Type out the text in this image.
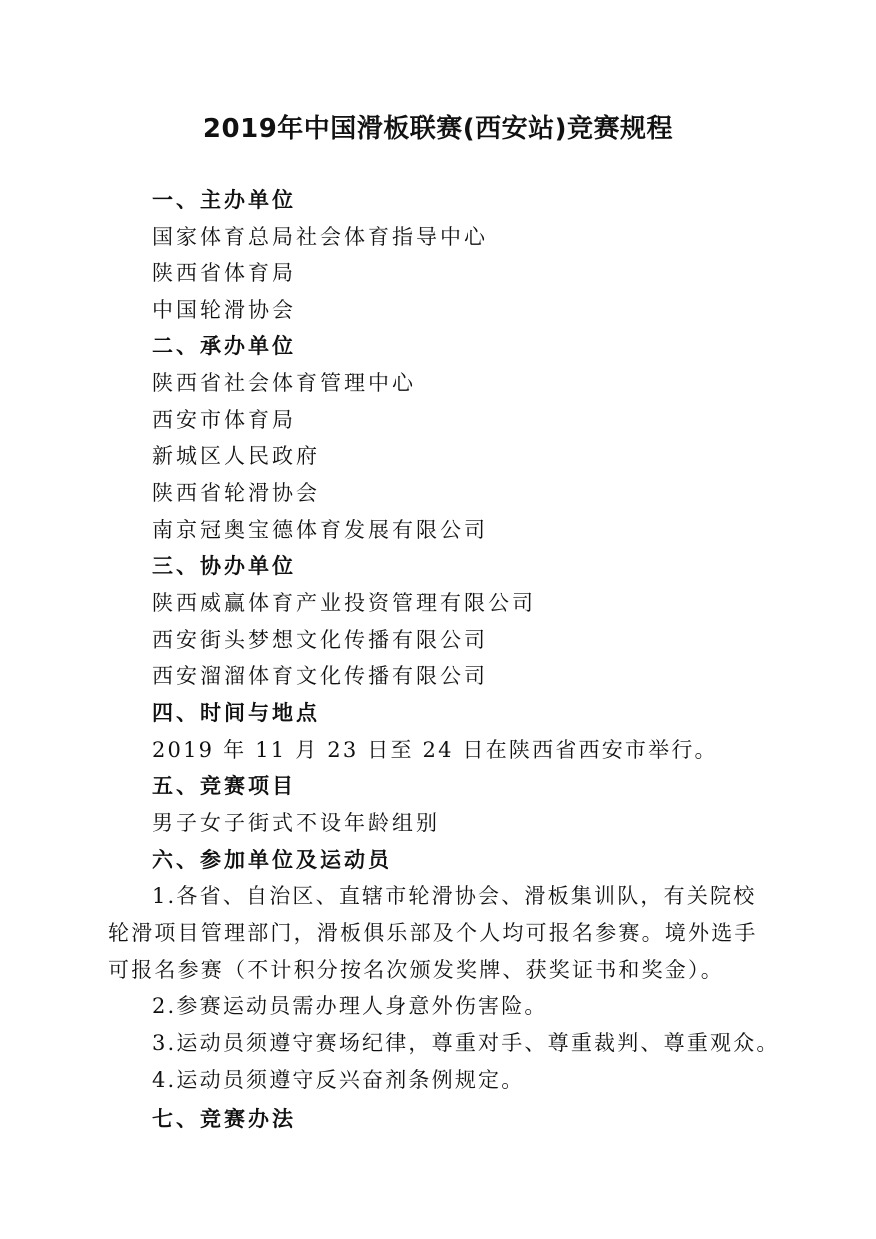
2019年中国滑板联赛(西安站)竞赛规程
一、主办单位
国家体育总局社会体育指导中心
陕西省体育局
中国轮滑协会
二、承办单位
陕西省社会体育管理中心
西安市体育局
新城区人民政府
陕西省轮滑协会
南京冠奥宝德体育发展有限公司
三、协办单位
陕西威赢体育产业投资管理有限公司
西安街头梦想文化传播有限公司
西安溜溜体育文化传播有限公司
四、时间与地点
2019 年 11 月 23 日至 24 日在陕西省西安市举行。
五、竞赛项目
男子女子街式不设年龄组别
六、参加单位及运动员
1.各省、自治区、直辖市轮滑协会、滑板集训队，有关院校
轮滑项目管理部门，滑板俱乐部及个人均可报名参赛。境外选手
可报名参赛（不计积分按名次颁发奖牌、获奖证书和奖金）。
2.参赛运动员需办理人身意外伤害险。
3.运动员须遵守赛场纪律，尊重对手、尊重裁判、尊重观众。
4.运动员须遵守反兴奋剂条例规定。
七、竞赛办法
